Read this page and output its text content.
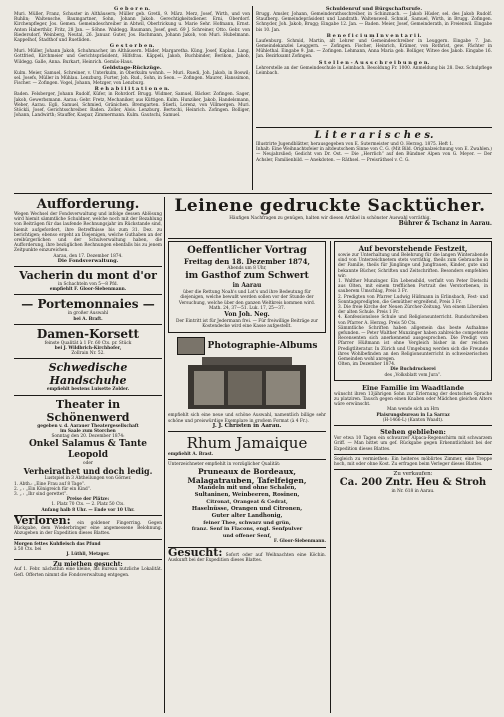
G e b o r e n.

Muri. Müller, Franz, Schuster in Althäusern; Müller geb. Gretli, 9. März. Merz, Josef, Wirth, und von Ruhlin; Waltensche, Baumgartner, Sohn, Johann Jakob. Gerechtigkeitsdiener. Erni, Oberdorf. Kirchenpfleger, Jos. Gemen. Gemeindeschreiber in Abtwil, Oberlrickung u. Marie Sehr. Hofmann, Ernst. Anton Haberthür, Fritz, 28 Jan. — Söhne. Waldegg. Baumann, Josef, gest. 69 J. Schreiner, Otto. Gebr. von Riedersdorf, Weinberg, Neutal, 26. Januar. Guter, Jos. Bachmann, Johann Jakob, von Muri. Hubelmann. Kappelhof, Stadthof und Ruetliden.

G e s t o r b e n.

Muri. Müller, Johann Jakob, Schuhmacher, im Althäusern. Mäder, Margaretha. Küng, Josef, Kaplan. Lang, Gottfried, Kirchmeier und Gerichtspräsident, Hilfsfrau. Käppeli, Jakob, Buchbinder, Berikon, Jakob, Wildegg. Galle, Anna. Burkart, Heinrich. Gemüs-Haus.

Geldstage-Rückzüge.

Kulm. Meier, Samuel, Schreiner, v. Unterkulm, in Oberkulm wohnh. — Muri. Ruedi, Joh. Jakob, in Boswil; sel. Josefs, Müller in Mühlau. Lenzburg. Furter, Joh. Rud., Sohn, in Seon. — Zofingen. Maurer, Hanssimon, Fischer. — Zofingen. Vogel, Johann, Metzger, von Lenzburg.

R e h a b i l i t a t i o n e n.

Baden. Felsberger, Johann Rudolf, Küfer, in Rohrdorf. Brugg. Widmer, Samuel, Bäcker. Zofingen. Sager, Jakob, Gewerbsmann. Aarau: Gebr. Fretz, Mechaniker, aus Küttigen. Kulm. Hunziker, Jakob, Handelsmann, Weber, Aarau. Egli, Samuel, Schmied, Gränichen. Bremgarten. Stierli, Lorenz, von Villmergen. Muri. Stöckli, Josef, Gerichtsschreiber. Baden. Zoller, Alois. Lenzburg. Bertschi, Heinrich. Zofingen. Bolliger, Johann, Landwirth; Stauffer, Kaspar, Zimmermann. Kulm. Gautschi, Samuel.

Schuldenruf und Bürgschaftsrufe.

Brugg. Amsler, Johann, Gemeinderathsschreiber, in Schinznach. — Jakob Hüsler, sel. des Jakob Rudolf. Staufberg. Gemeindepräsident und Landrath. Waltensweil. Schmid, Samuel, Wirth, in Brugg. Zofingen. Schnyder, Joh. Jakob, Brugg; Eingabe 12. Jan. — Baden. Meier, Josef, Gemeinderath, in Freienwil. Eingabe bis 10. Jan.

B e n e f i c i u m I n v e n t a r i i.

Laufenburg. Schmid, Martin, alt Lehrer und Gemeindeschreiber in Leuggern. Eingabe 7. Jan. Gemeindekanzlei Leuggern. — Zofingen. Fischer, Heinrich, Krämer, von Rothrist, gew. Pächter in Mühlethal. Eingabe 9. Jan. — Zofingen. Lehmann, Anna Maria geb. Bolliger, Witwe des Jakob. Eingabe 16. Jan. Bezirksamt Zofingen.

S t e l l e n - A u s s c h r e i b u n g e n.

Lehrerstelle an der Gemeindeschule in Leimbach. Besoldung Fr. 1000. Anmeldung bis 28. Dez. Schulpflege Leimbach.

L i t e r a r i s c h e s.

Illustrirte Jugendblätter, herausgegeben von E. Sutermeister und O. Herzog. 1875. Heft 1.

Inhalt: Eine Weihnachtsfeier in altdeutschem Sinne von C. G. (Mit Bild. Originalzeichnung von E. Zwahlen.) — Neujahrslied; Gedicht von Dr. Ost. — Die „Herrlich“ auf den Bündner Alpen von G. Meyer. — Der Achsler, Familienbild. — Anekdoten. — Räthsel. — Preisräthsel v. C. G.

Aufforderung.

Wegen Wechsel der Fondsverwaltung und infolge dessen Ablösung wird hiemit sämmtliche Schuldner, welche noch mit der Bezahlung von Beiträgen für das laufende Rechnungsjahr im Rückstande sind, hiemit aufgefordert, ihre Betreffnisse bis zum 31. Dez. zu berichtigen; ebenso ergeht an Diejenigen, welche Guthaben an der oreibürgerlichen und der Schulverwaltung haben, die Aufforderung, ihre bezüglichen Rechnungen ebenfalls bis zu jenem Zeitpunkte einzureichen.

Aarau, den 17. Dezember 1874.

Die Fondsverwaltung.

Vacherin du mont d'or

in Schachteln von 5—8 Pfd.

empfiehlt F. Gloor-Siebenmann.

— Portemonnaies —

in großer Auswahl

bei A. Braft.

Damen-Korsett

feinste Qualität à 1 Fr. 60 Cts. pr. Stück

bei J. Wildbrich-Kirchhofer,

Zollrain Nr. 52.

Schwedische Handschuhe

empfiehlt bestens Luisette Zolder.

Theater in Schönenwerd

gegeben v. d. Aarauer Theatergesellschaft

im Saale zum Storchen

Sonntag den 20. Dezember 1874:

Onkel Salamus & Tante Leopold

oder

Verheirathet und doch ledig.

Lustspiel in 3 Abtheilungen von Görner.

1. Abth.: „Eine Frau auf 8 Tage“.

2. „ : „Ein Königreich für ein Kind“.

3. „ : „Ihr sind gerettet“.

Preise der Plätze:

1. Platz 70 Cts. — 2. Platz 50 Cts.

Anfang halb 8 Uhr. — Ende vor 10 Uhr.

Verloren: ein goldener Fingerring. Gegen Rückgabe, dem Wiederbringer eine angemessene Belohnung. Abzugeben in der Expedition dieses Blattes.

Morgen fettes Kuhfleisch das Pfund

à 50 Cts. bei

J. Lüthli, Metzger.

Zu miethen gesucht:

Auf 1. Febr. nächsthin eine kleine, als Bureau nutzliche Lokalität. Gefl. Offerten nimmt die Fondsverwaltung entgegen.

Leinene gedruckte Sacktücher.

Häufigen Nachfragen zu genügen, halten wir diesen Artikel in schönster Auswahl vorräthig.

Bührer & Tschanz in Aarau.

Oeffentlicher Vortrag

Freitag den 18. Dezember 1874,

Abends um 8 Uhr,

im Gasthof zum Schwert

in Aarau

über die Rettung Noah's und Lot's und ihre Bedeutung für diejenigen, welche bewußt werden sollen vor der Stunde der Versuchung, welche über den ganzen Weltkreis kommen wird.

Math. 24, 37—51. Luk. 17, 25—37.

Von Joh. Neg.

Der Eintritt ist für Jedermann frei. — Für freiwillige Beiträge zur Kostendecke wird eine Kasse aufgestellt.

Photographie-Albums

empfiehlt sich eine neue und schöne Auswahl, namentlich billige sehr schöne und preiswürdige Exemplare in großem Format (à 4 Fr.).

J. J. Christen in Aarau.

Rhum Jamaique

empfiehlt A. Brast.

Unterzeichneter empfiehlt in vorzüglicher Qualität:

Pruneaux de Bordeaux,

Malagatrauben, Tafelfeigen,

Mandeln mit und ohne Schalen,

Sultaninen, Weinbeeren, Rosinen,

Citronat, Orangeat & Cedrat,

Haselnüsse, Orangen und Citronen,

Guter alter Landhonig,

feiner Thee, schwarz und grün,

franz. Senf in Flacons, engl. Senfpulver

und offener Senf,

F. Gloor-Siebenmann.

Gesucht: Sofort oder auf Weihnachten eine Köchin. Auskunft bei der Expedition dieses Blattes.

Auf bevorstehende Festzeit,

sowie zur Unterhaltung und Belehrung für die langen Winterabende sind von Unterzeichnetem stets vorräthig, theils zum Gebrauche in der Familie, theils für Jünglinge und Jungfrauen, Kinder, gute und bekannte Bücher, Schriften und Zeitschriften. Besonders empfehlen wir:

1. Walther Munzinger. Ein Lebensbild, verfaßt von Peter Dietschi aus Olten, mit einem trefflichen Portrait des Verstorbenen, in sauberem Umschlag, Preis 3 Fr.

2. Predigten von Pfarrer Ludwig Hüßmann in Erlinsbach, Fest- und Sonntagspredigten, die Gemüther ergreifend, Preis 3 Fr.

3. Die freie Kirche der Neuen Zürcher-Zeitung. Von einem Liberalen der alten Schule. Preis 1 Fr.

4. Konfessionslose Schule und Religionsunterricht. Rundschreiben von Pfarrer A. Herzog. Preis 50 Cts.

Sämmtliche Schriften haben allgemein das beste Aufnahme gefunden. — Peter Walther Munzinger haben zahlreiche competente Recensenten sich anerkennend ausgesprochen. Die Predigt von Pfarrer Hüßmann ist ohne Vergleich bisher in der reichen Predigtliteratur. In Zürich und Umgebung werden sich die Freunde ihres Wohlbefinden an den Religionsunterricht in schweizerischen Gemeinden wohl anregen.

Olten, im Dezember 1874.

Die Buchdruckerei

des „Volksblatt vom Jura“.

Eine Familie im Waadtlande

wünscht ihren 13jährigen Sohn zur Erlernung der deutschen Sprache zu platziren. Tausch gegen einen Knaben oder Mädchen gleichen Alters wäre erwünscht.

Man wende sich an Hrn

Plaisrungsbureau in La Sarraz

(H-1466-L) (Kanton Waadt).

Stehen geblieben:

Vor etwa 10 Tagen ein schwarzer Alpaca-Regenschirm mit schwarzem Griff. — Man bittet um gef. Rückgabe gegen Erkenntlichkeit bei der Expedition dieses Blattes.

Sogleich zu vermiethen: Ein heiteres möblirtes Zimmer, eine Treppe hoch, mit oder ohne Kost. Zu erfragen beim Verleger dieses Blattes.

Zu verkaufen:

Ca. 200 Zntr. Heu & Stroh

in Nr. 618 in Aarau.
